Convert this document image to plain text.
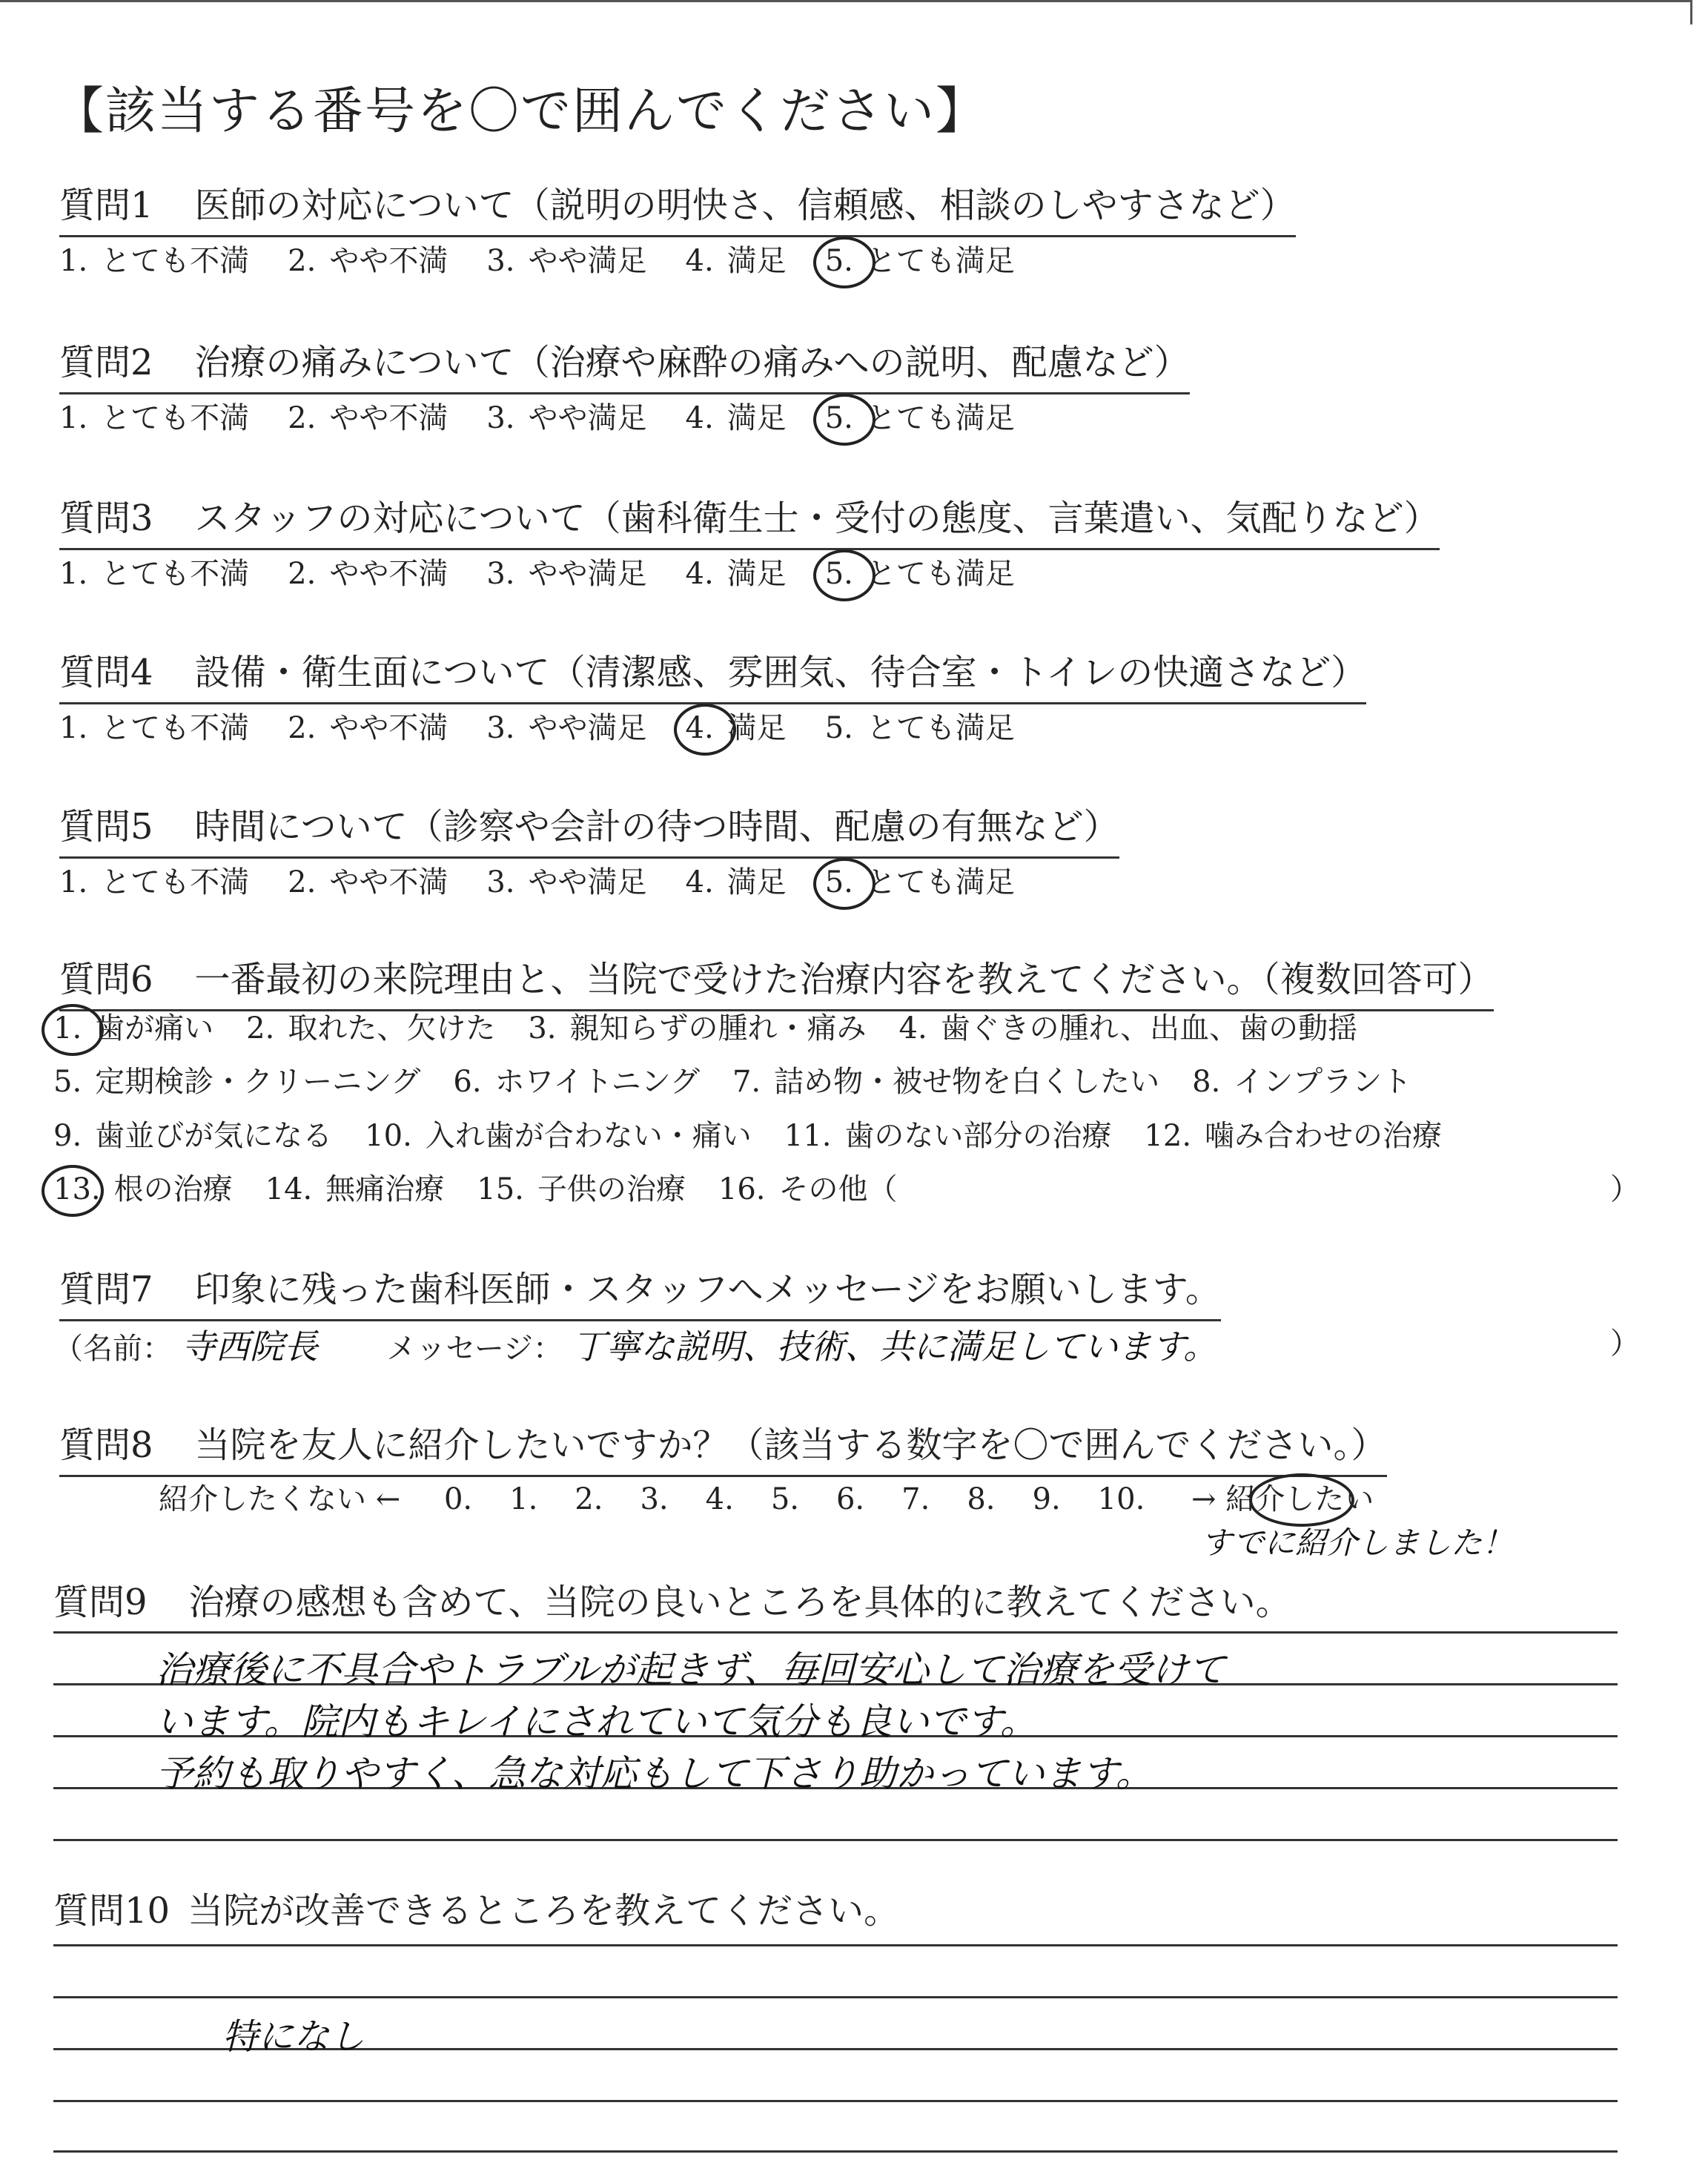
【該当する番号を〇で囲んでください】
質問1 医師の対応について（説明の明快さ、信頼感、相談のしやすさなど）
1. とても不満 2. やや不満 3. やや満足 4. 満足 5. とても満足
質問2 治療の痛みについて（治療や麻酔の痛みへの説明、配慮など）
1. とても不満 2. やや不満 3. やや満足 4. 満足 5. とても満足
質問3 スタッフの対応について（歯科衛生士・受付の態度、言葉遣い、気配りなど）
1. とても不満 2. やや不満 3. やや満足 4. 満足 5. とても満足
質問4 設備・衛生面について（清潔感、雰囲気、待合室・トイレの快適さなど）
1. とても不満 2. やや不満 3. やや満足 4. 満足 5. とても満足
質問5 時間について（診察や会計の待つ時間、配慮の有無など）
1. とても不満 2. やや不満 3. やや満足 4. 満足 5. とても満足
質問6 一番最初の来院理由と、当院で受けた治療内容を教えてください。（複数回答可）
1. 歯が痛い 2. 取れた、欠けた 3. 親知らずの腫れ・痛み 4. 歯ぐきの腫れ、出血、歯の動揺
5. 定期検診・クリーニング 6. ホワイトニング 7. 詰め物・被せ物を白くしたい 8. インプラント
9. 歯並びが気になる 10. 入れ歯が合わない・痛い 11. 歯のない部分の治療 12. 噛み合わせの治療
13. 根の治療 14. 無痛治療 15. 子供の治療 16. その他（	）
質問7 印象に残った歯科医師・スタッフへメッセージをお願いします。
（名前： 寺西院長 メッセージ： 丁寧な説明、技術、共に満足しています。	）
質問8 当院を友人に紹介したいですか？（該当する数字を〇で囲んでください。）
紹介したくない ← 0. 1. 2. 3. 4. 5. 6. 7. 8. 9. 10. → 紹介したい
すでに紹介しました！
質問9 治療の感想も含めて、当院の良いところを具体的に教えてください。
治療後に不具合やトラブルが起きず、毎回安心して治療を受けて
います。院内もキレイにされていて気分も良いです。
予約も取りやすく、急な対応もして下さり助かっています。
質問10 当院が改善できるところを教えてください。
特になし
